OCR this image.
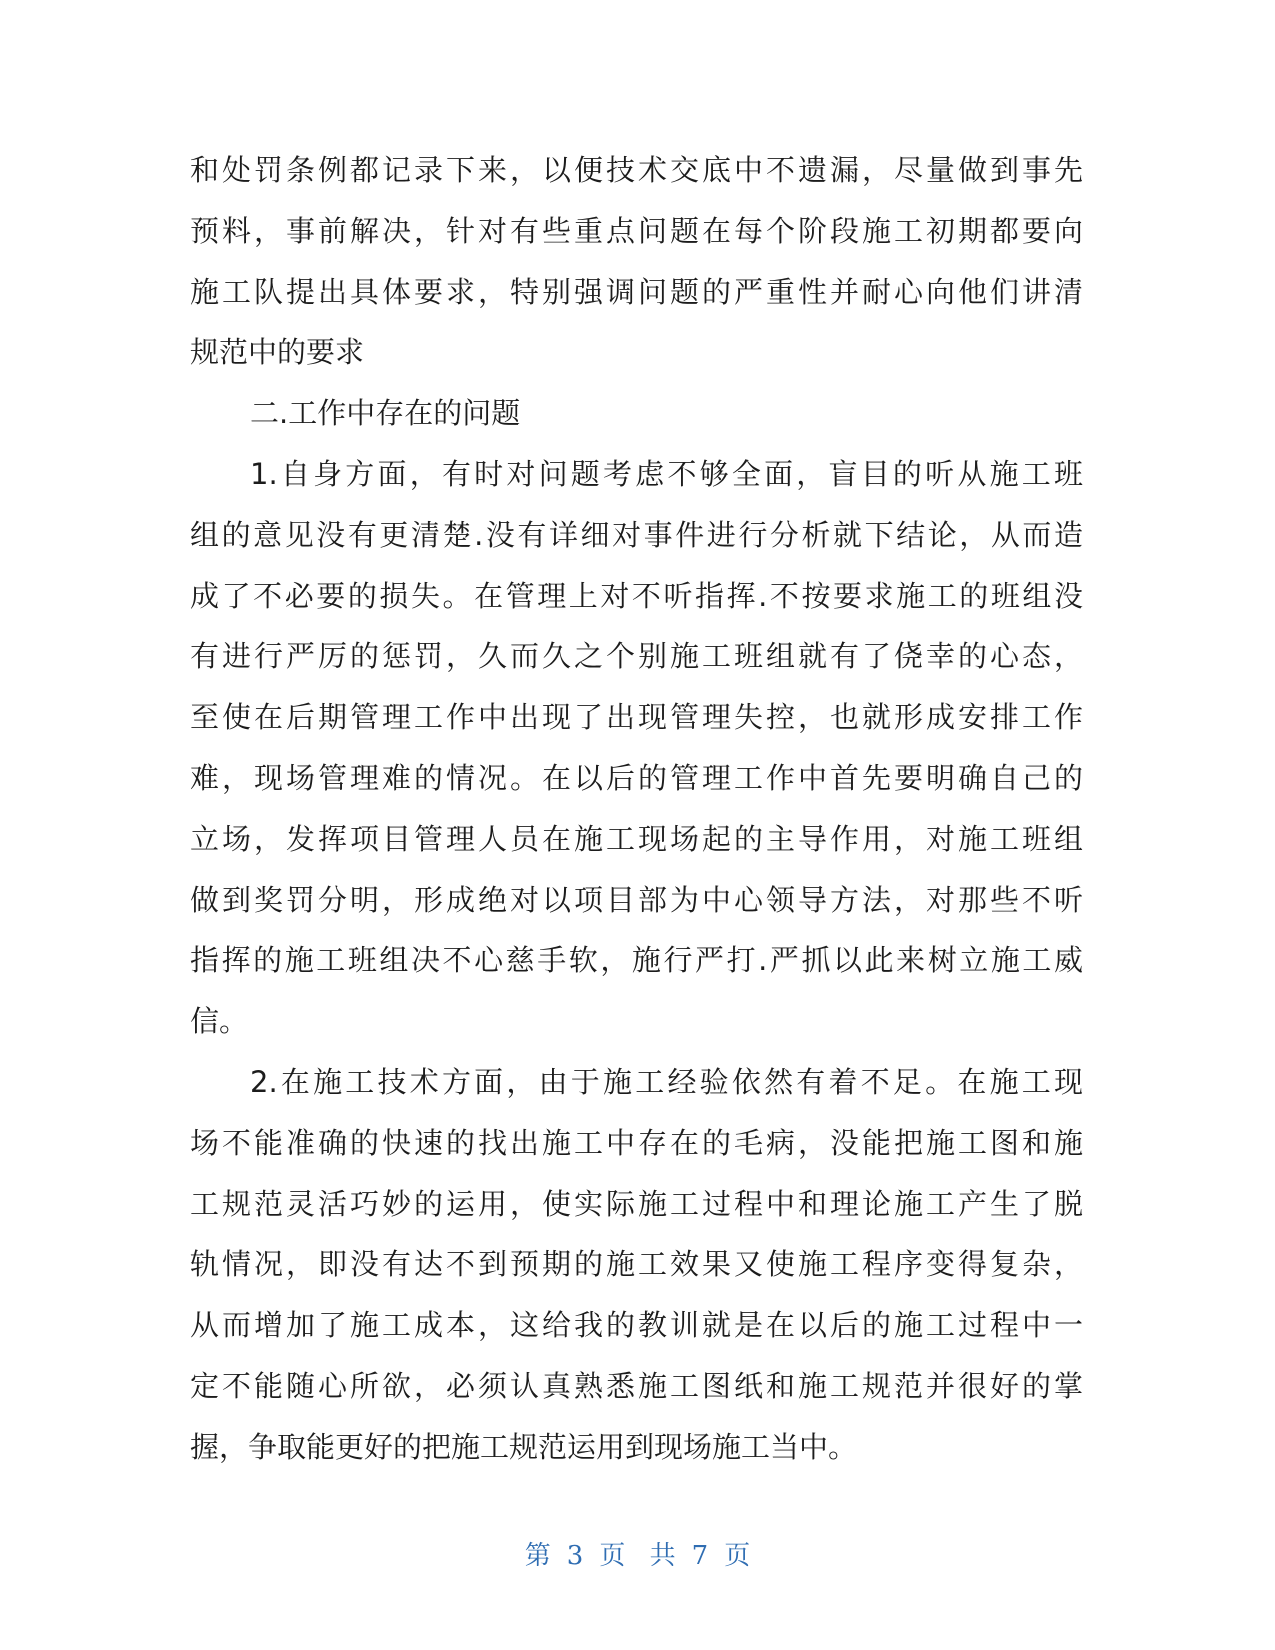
和处罚条例都记录下来，以便技术交底中不遗漏，尽量做到事先
预料，事前解决，针对有些重点问题在每个阶段施工初期都要向
施工队提出具体要求，特别强调问题的严重性并耐心向他们讲清
规范中的要求
二.工作中存在的问题
1.自身方面，有时对问题考虑不够全面，盲目的听从施工班
组的意见没有更清楚.没有详细对事件进行分析就下结论，从而造
成了不必要的损失。在管理上对不听指挥.不按要求施工的班组没
有进行严厉的惩罚，久而久之个别施工班组就有了侥幸的心态，
至使在后期管理工作中出现了出现管理失控，也就形成安排工作
难，现场管理难的情况。在以后的管理工作中首先要明确自己的
立场，发挥项目管理人员在施工现场起的主导作用，对施工班组
做到奖罚分明，形成绝对以项目部为中心领导方法，对那些不听
指挥的施工班组决不心慈手软，施行严打.严抓以此来树立施工威
信。
2.在施工技术方面，由于施工经验依然有着不足。在施工现
场不能准确的快速的找出施工中存在的毛病，没能把施工图和施
工规范灵活巧妙的运用，使实际施工过程中和理论施工产生了脱
轨情况，即没有达不到预期的施工效果又使施工程序变得复杂，
从而增加了施工成本，这给我的教训就是在以后的施工过程中一
定不能随心所欲，必须认真熟悉施工图纸和施工规范并很好的掌
握，争取能更好的把施工规范运用到现场施工当中。
第 3 页 共 7 页
